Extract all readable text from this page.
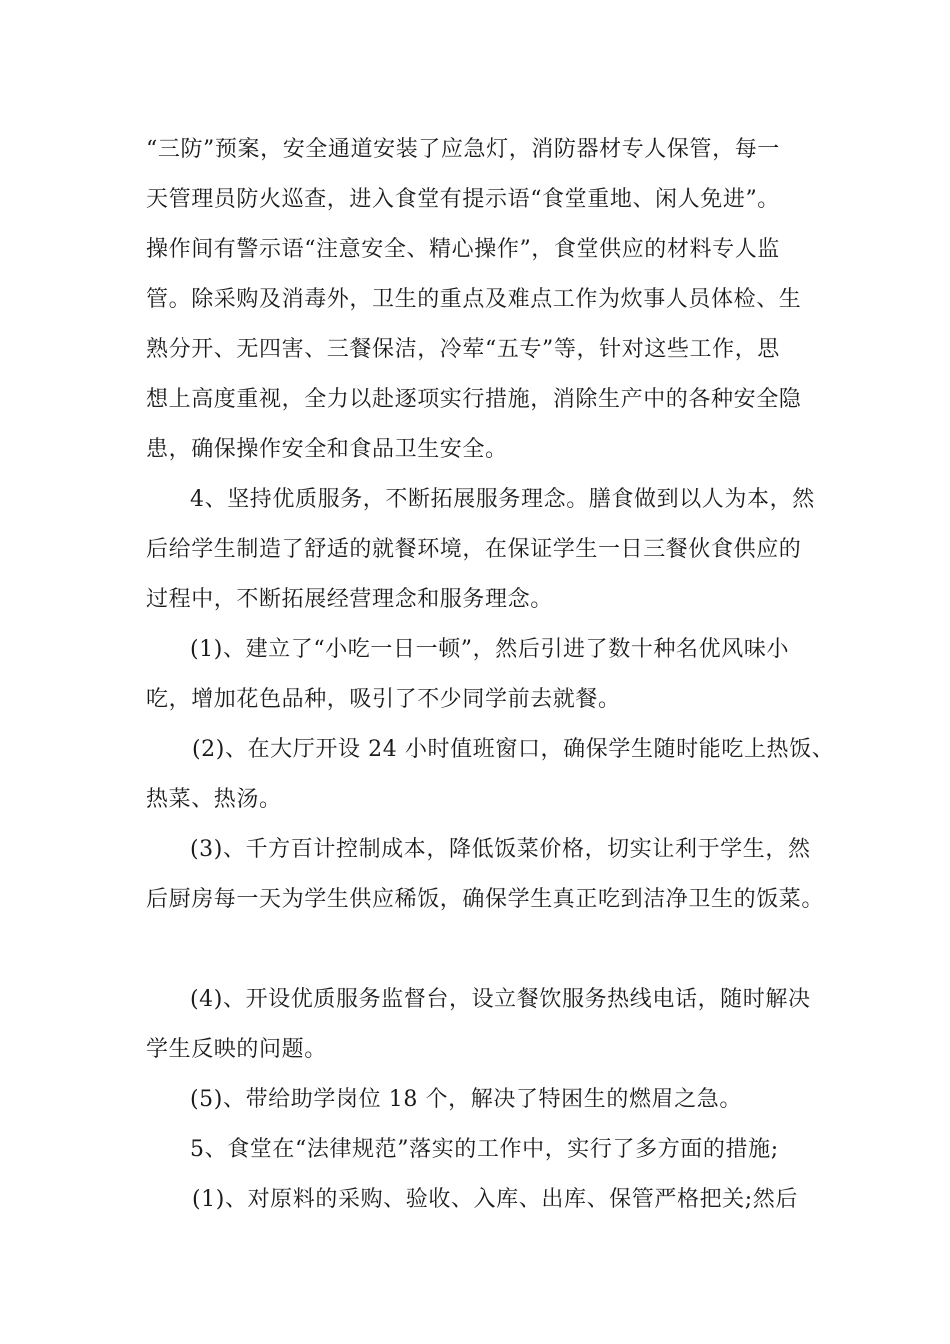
“三防”预案，安全通道安装了应急灯，消防器材专人保管，每一
天管理员防火巡查，进入食堂有提示语“食堂重地、闲人免进”。
操作间有警示语“注意安全、精心操作”，食堂供应的材料专人监
管。除采购及消毒外，卫生的重点及难点工作为炊事人员体检、生
熟分开、无四害、三餐保洁，冷荤“五专”等，针对这些工作，思
想上高度重视，全力以赴逐项实行措施，消除生产中的各种安全隐
患，确保操作安全和食品卫生安全。
4、坚持优质服务，不断拓展服务理念。膳食做到以人为本，然
后给学生制造了舒适的就餐环境，在保证学生一日三餐伙食供应的
过程中，不断拓展经营理念和服务理念。
(1)、建立了“小吃一日一顿”，然后引进了数十种名优风味小
吃，增加花色品种，吸引了不少同学前去就餐。
(2)、在大厅开设 24 小时值班窗口，确保学生随时能吃上热饭、
热菜、热汤。
(3)、千方百计控制成本，降低饭菜价格，切实让利于学生，然
后厨房每一天为学生供应稀饭，确保学生真正吃到洁净卫生的饭菜。
(4)、开设优质服务监督台，设立餐饮服务热线电话，随时解决
学生反映的问题。
(5)、带给助学岗位 18 个，解决了特困生的燃眉之急。
5、食堂在“法律规范”落实的工作中，实行了多方面的措施;
(1)、对原料的采购、验收、入库、出库、保管严格把关;然后
